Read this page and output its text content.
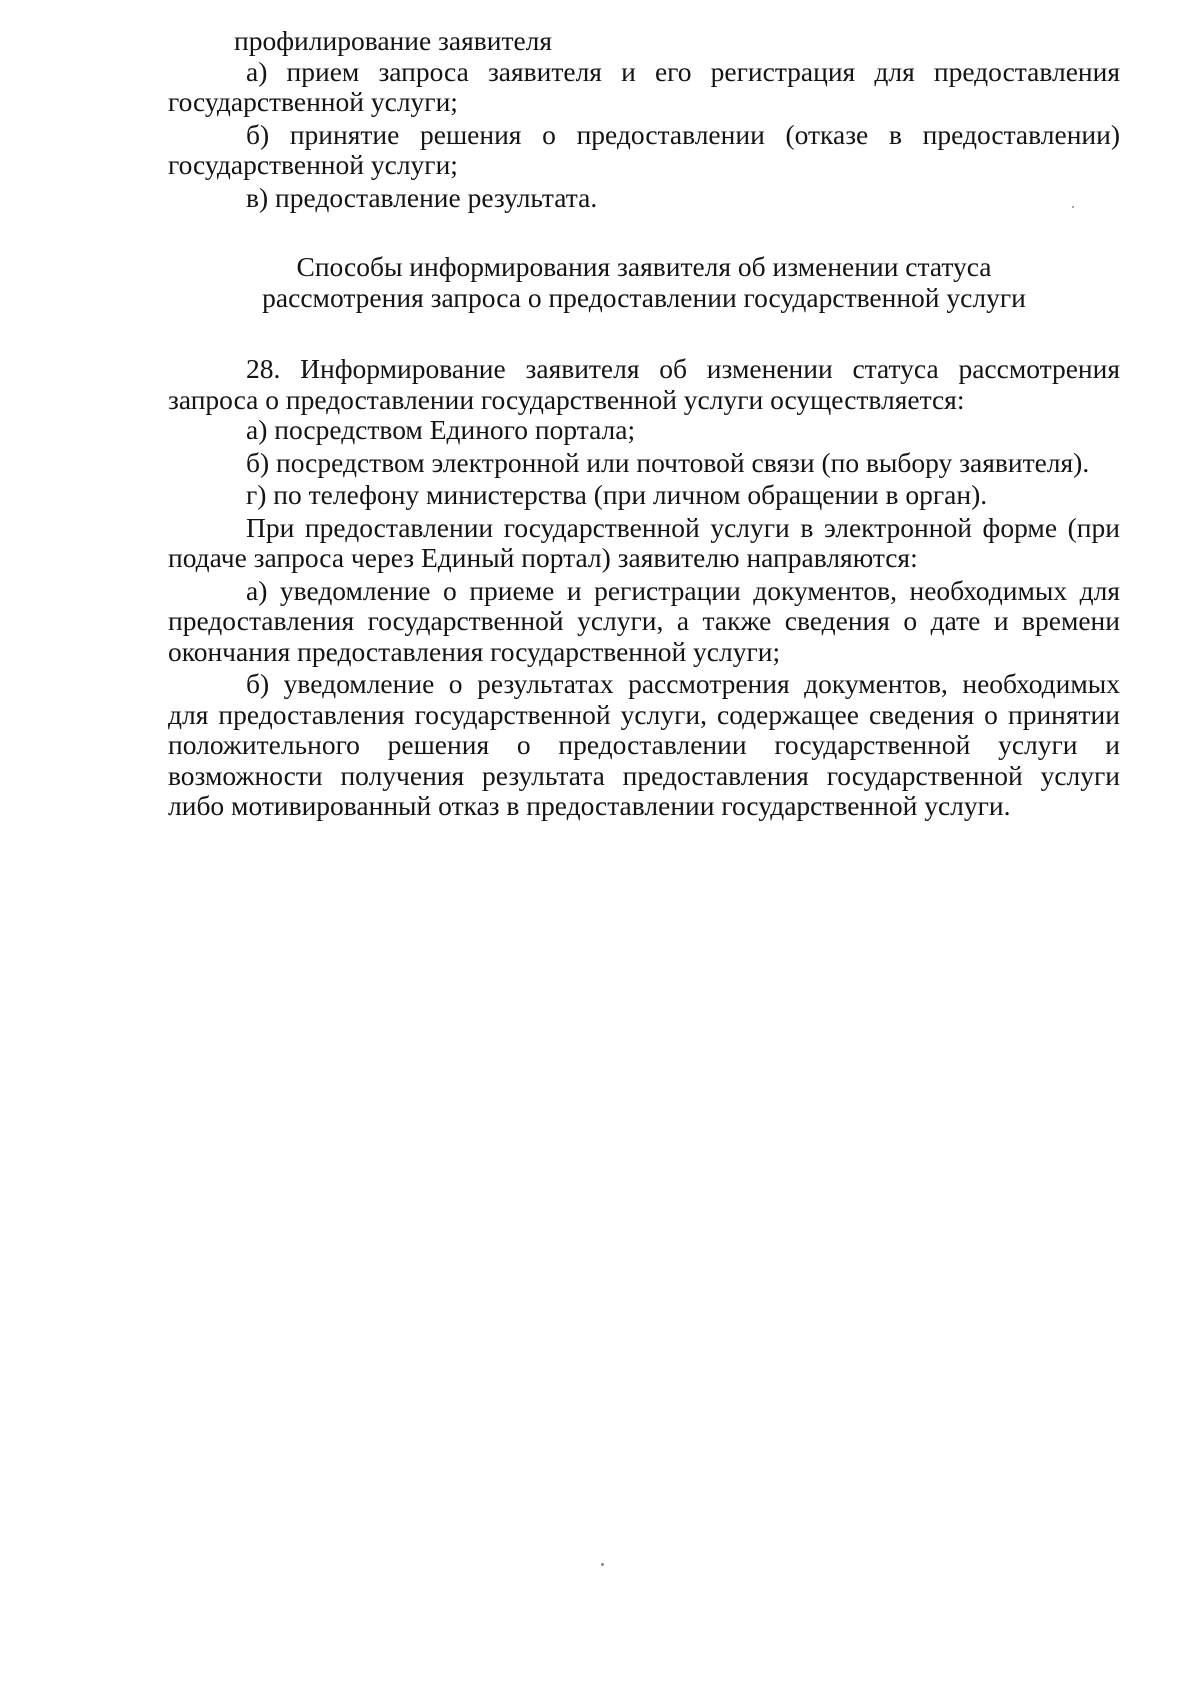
профилирование заявителя

а) прием запроса заявителя и его регистрация для предоставления государственной услуги;

б) принятие решения о предоставлении (отказе в предоставлении) государственной услуги;

в) предоставление результата.

Способы информирования заявителя об изменении статуса
рассмотрения запроса о предоставлении государственной услуги

28. Информирование заявителя об изменении статуса рассмотрения запроса о предоставлении государственной услуги осуществляется:

а) посредством Единого портала;

б) посредством электронной или почтовой связи (по выбору заявителя).

г) по телефону министерства (при личном обращении в орган).

При предоставлении государственной услуги в электронной форме (при подаче запроса через Единый портал) заявителю направляются:

а) уведомление о приеме и регистрации документов, необходимых для предоставления государственной услуги, а также сведения о дате и времени окончания предоставления государственной услуги;

б) уведомление о результатах рассмотрения документов, необходимых для предоставления государственной услуги, содержащее сведения о принятии положительного решения о предоставлении государственной услуги и возможности получения результата предоставления государственной услуги либо мотивированный отказ в предоставлении государственной услуги.
